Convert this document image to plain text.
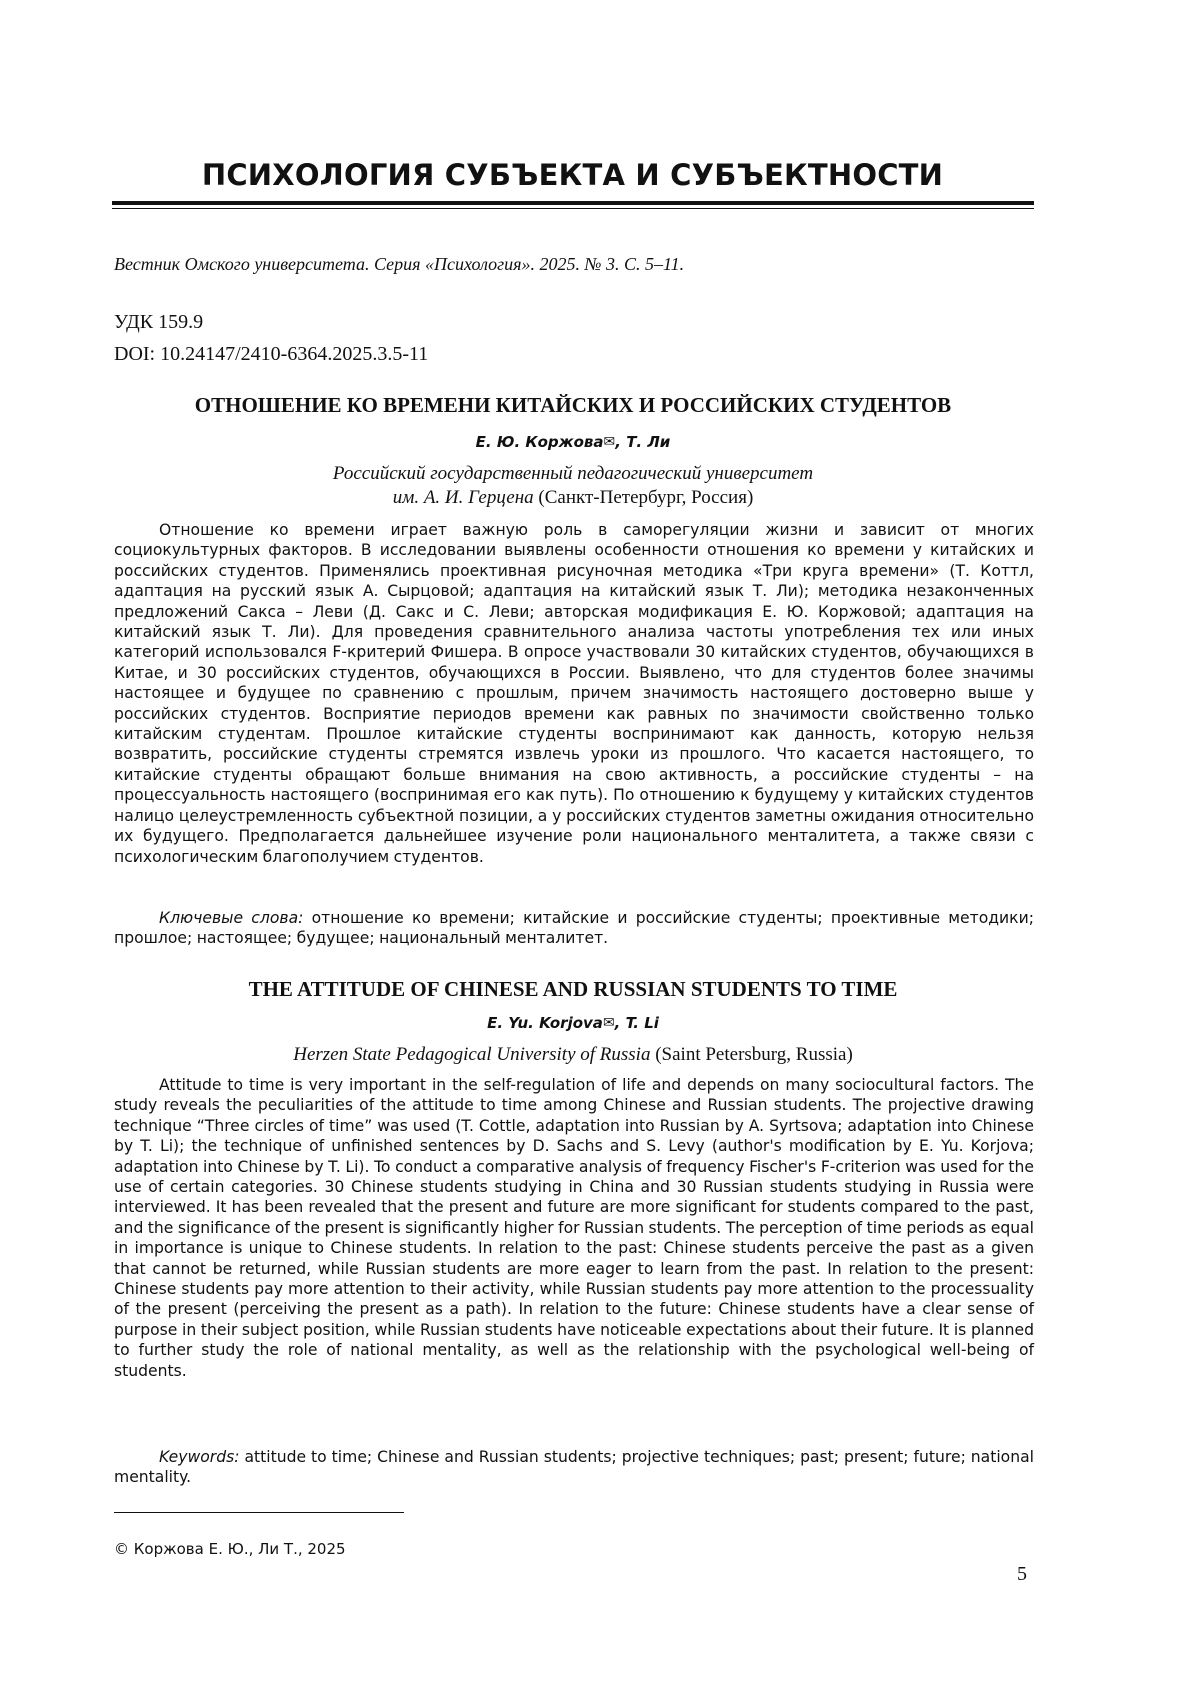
ПСИХОЛОГИЯ СУБЪЕКТА И СУБЪЕКТНОСТИ
Вестник Омского университета. Серия «Психология». 2025. № 3. С. 5–11.
УДК 159.9
DOI: 10.24147/2410-6364.2025.3.5-11
ОТНОШЕНИЕ КО ВРЕМЕНИ КИТАЙСКИХ И РОССИЙСКИХ СТУДЕНТОВ
Е. Ю. Коржова✉, Т. Ли
Российский государственный педагогический университет
им. А. И. Герцена (Санкт-Петербург, Россия)

Отношение ко времени играет важную роль в саморегуляции жизни и зависит от многих социокультурных факторов. В исследовании выявлены особенности отношения ко времени у китайских и российских студентов. Применялись проективная рисуночная методика «Три круга времени» (Т. Коттл, адаптация на русский язык А. Сырцовой; адаптация на китайский язык Т. Ли); методика незаконченных предложений Сакса – Леви (Д. Сакс и С. Леви; авторская модификация Е. Ю. Коржовой; адаптация на китайский язык Т. Ли). Для проведения сравнительного анализа частоты употребления тех или иных категорий использовался F-критерий Фишера. В опросе участвовали 30 китайских студентов, обучающихся в Китае, и 30 российских студентов, обучающихся в России. Выявлено, что для студентов более значимы настоящее и будущее по сравнению с прошлым, причем значимость настоящего достоверно выше у российских студентов. Восприятие периодов времени как равных по значимости свойственно только китайским студентам. Прошлое китайские студенты воспринимают как данность, которую нельзя возвратить, российские студенты стремятся извлечь уроки из прошлого. Что касается настоящего, то китайские студенты обращают больше внимания на свою активность, а российские студенты – на процессуальность настоящего (воспринимая его как путь). По отношению к будущему у китайских студентов налицо целеустремленность субъектной позиции, а у российских студентов заметны ожидания относительно их будущего. Предполагается дальнейшее изучение роли национального менталитета, а также связи с психологическим благополучием студентов.

Ключевые слова: отношение ко времени; китайские и российские студенты; проективные методики; прошлое; настоящее; будущее; национальный менталитет.

THE ATTITUDE OF CHINESE AND RUSSIAN STUDENTS TO TIME
E. Yu. Korjova✉, T. Li
Herzen State Pedagogical University of Russia (Saint Petersburg, Russia)

Attitude to time is very important in the self-regulation of life and depends on many sociocultural factors. The study reveals the peculiarities of the attitude to time among Chinese and Russian students. The projective drawing technique “Three circles of time” was used (T. Cottle, adaptation into Russian by A. Syrtsova; adaptation into Chinese by T. Li); the technique of unfinished sentences by D. Sachs and S. Levy (author's modification by E. Yu. Korjova; adaptation into Chinese by T. Li). To conduct a comparative analysis of frequency Fischer's F-criterion was used for the use of certain categories. 30 Chinese students studying in China and 30 Russian students studying in Russia were interviewed. It has been revealed that the present and future are more significant for students compared to the past, and the significance of the present is significantly higher for Russian students. The perception of time periods as equal in importance is unique to Chinese students. In relation to the past: Chinese students perceive the past as a given that cannot be returned, while Russian students are more eager to learn from the past. In relation to the present: Chinese students pay more attention to their activity, while Russian students pay more attention to the processuality of the present (perceiving the present as a path). In relation to the future: Chinese students have a clear sense of purpose in their subject position, while Russian students have noticeable expectations about their future. It is planned to further study the role of national mentality, as well as the relationship with the psychological well-being of students.

Keywords: attitude to time; Chinese and Russian students; projective techniques; past; present; future; national mentality.

© Коржова Е. Ю., Ли Т., 2025
5
